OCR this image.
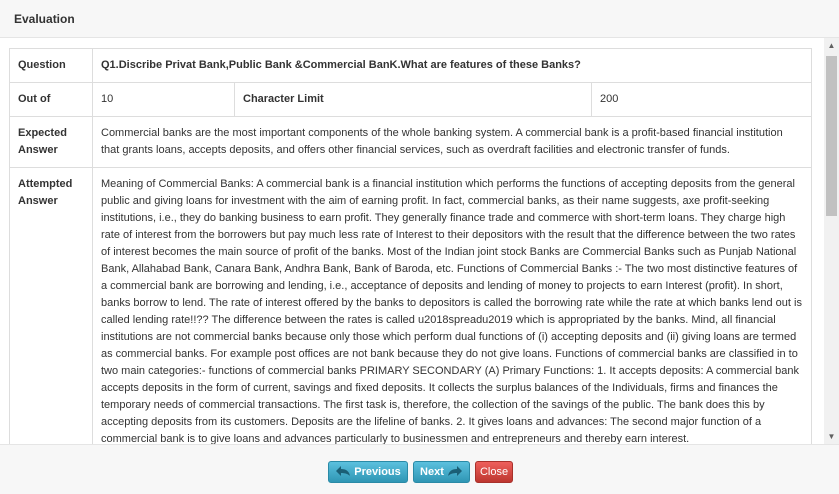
Evaluation
Question	Q1.Discribe Privat Bank,Public Bank &Commercial BanK.What are features of these Banks?		
Out of	10	Character Limit	200
Expected Answer	Commercial banks are the most important components of the whole banking system. A commercial bank is a profit-based financial institution that grants loans, accepts deposits, and offers other financial services, such as overdraft facilities and electronic transfer of funds.		
Attempted Answer	Meaning of Commercial Banks: A commercial bank is a financial institution which performs the functions of accepting deposits from the general public and giving loans for investment with the aim of earning profit. In fact, commercial banks, as their name suggests, axe profit-seeking institutions, i.e., they do banking business to earn profit. They generally finance trade and commerce with short-term loans. They charge high rate of interest from the borrowers but pay much less rate of Interest to their depositors with the result that the difference between the two rates of interest becomes the main source of profit of the banks. Most of the Indian joint stock Banks are Commercial Banks such as Punjab National Bank, Allahabad Bank, Canara Bank, Andhra Bank, Bank of Baroda, etc. Functions of Commercial Banks :- The two most distinctive features of a commercial bank are borrowing and lending, i.e., acceptance of deposits and lending of money to projects to earn Interest (profit). In short, banks borrow to lend. The rate of interest offered by the banks to depositors is called the borrowing rate while the rate at which banks lend out is called lending rate!!?? The difference between the rates is called u2018spreadu2019 which is appropriated by the banks. Mind, all financial institutions are not commercial banks because only those which perform dual functions of (i) accepting deposits and (ii) giving loans are termed as commercial banks. For example post offices are not bank because they do not give loans. Functions of commercial banks are classified in to two main categories:- functions of commercial banks PRIMARY SECONDARY (A) Primary Functions: 1. It accepts deposits: A commercial bank accepts deposits in the form of current, savings and fixed deposits. It collects the surplus balances of the Individuals, firms and finances the temporary needs of commercial transactions. The first task is, therefore, the collection of the savings of the public. The bank does this by accepting deposits from its customers. Deposits are the lifeline of banks. 2. It gives loans and advances: The second major function of a commercial bank is to give loans and advances particularly to businessmen and entrepreneurs and thereby earn interest.		
▲
▼
Previous	Next	Close
